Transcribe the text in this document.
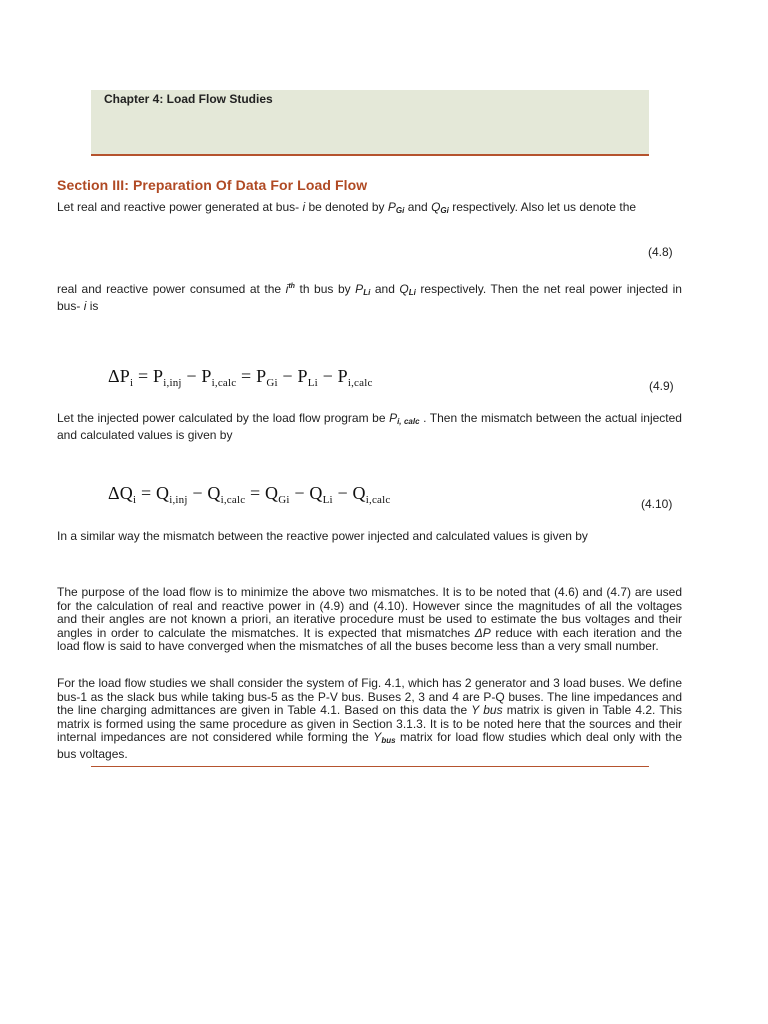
Chapter 4: Load Flow Studies
Section III: Preparation Of Data For Load Flow
Let real and reactive power generated at bus- i be denoted by $P_{Gi}$ and $Q_{Gi}$ respectively. Also let us denote the
(4.8)
real and reactive power consumed at the $i^{th}$ th bus by $P_{Li}$ and $Q_{Li}$ respectively. Then the net real power injected in bus- i is
$\Delta P_i = P_{i,inj} - P_{i,calc} = P_{Gi} - P_{Li} - P_{i,calc}$	(4.9)
Let the injected power calculated by the load flow program be $P_{i, calc}$ . Then the mismatch between the actual injected and calculated values is given by
$\Delta Q_i = Q_{i,inj} - Q_{i,calc} = Q_{Gi} - Q_{Li} - Q_{i,calc}$	(4.10)
In a similar way the mismatch between the reactive power injected and calculated values is given by
The purpose of the load flow is to minimize the above two mismatches. It is to be noted that (4.6) and (4.7) are used for the calculation of real and reactive power in (4.9) and (4.10). However since the magnitudes of all the voltages and their angles are not known a priori, an iterative procedure must be used to estimate the bus voltages and their angles in order to calculate the mismatches. It is expected that mismatches ΔP reduce with each iteration and the load flow is said to have converged when the mismatches of all the buses become less than a very small number.
For the load flow studies we shall consider the system of Fig. 4.1, which has 2 generator and 3 load buses. We define bus-1 as the slack bus while taking bus-5 as the P-V bus. Buses 2, 3 and 4 are P-Q buses. The line impedances and the line charging admittances are given in Table 4.1. Based on this data the Y bus matrix is given in Table 4.2. This matrix is formed using the same procedure as given in Section 3.1.3. It is to be noted here that the sources and their internal impedances are not considered while forming the $Y_{bus}$ matrix for load flow studies which deal only with the bus voltages.
